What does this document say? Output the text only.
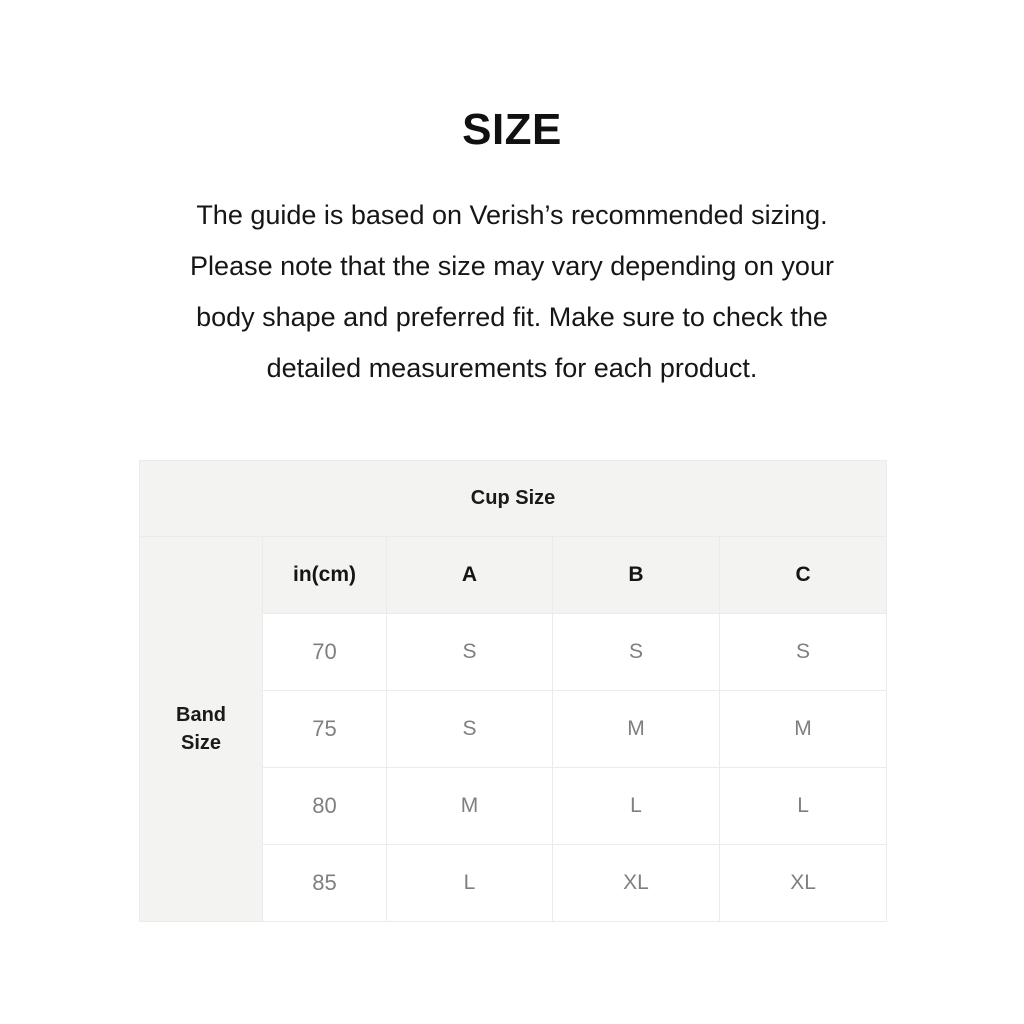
SIZE
The guide is based on Verish’s recommended sizing.
Please note that the size may vary depending on your
body shape and preferred fit. Make sure to check the
detailed measurements for each product.
Cup Size				

Band
Size	in(cm)	A	B	C
	70	S	S	S
	75	S	M	M
	80	M	L	L
	85	L	XL	XL
